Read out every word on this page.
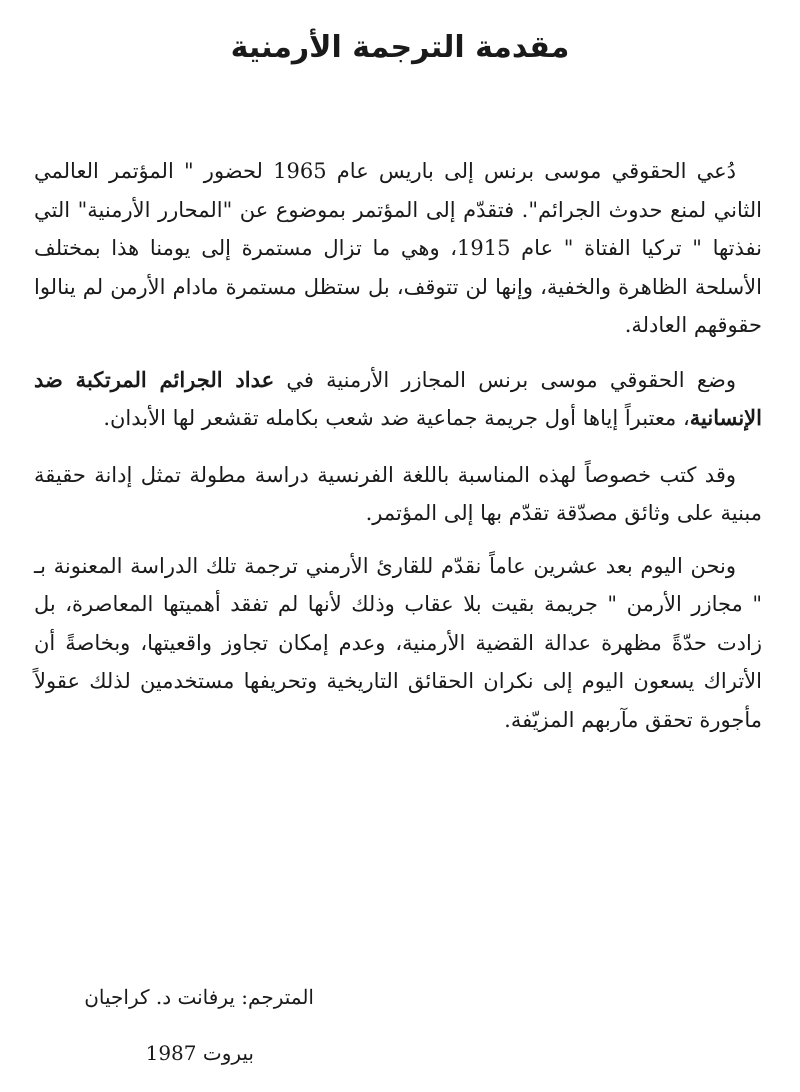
مقدمة الترجمة الأرمنية

دُعي الحقوقي موسى برنس إلى باريس عام 1965 لحضور " المؤتمر العالمي الثاني لمنع حدوث الجرائم". فتقدّم إلى المؤتمر بموضوع عن "المحارر الأرمنية" التي نفذتها " تركيا الفتاة " عام 1915، وهي ما تزال مستمرة إلى يومنا هذا بمختلف الأسلحة الظاهرة والخفية، وإنها لن تتوقف، بل ستظل مستمرة مادام الأرمن لم ينالوا حقوقهم العادلة.

وضع الحقوقي موسى برنس المجازر الأرمنية في عداد الجرائم المرتكبة ضد الإنسانية، معتبراً إياها أول جريمة جماعية ضد شعب بكامله تقشعر لها الأبدان.

وقد كتب خصوصاً لهذه المناسبة باللغة الفرنسية دراسة مطولة تمثل إدانة حقيقة مبنية على وثائق مصدّقة تقدّم بها إلى المؤتمر.

ونحن اليوم بعد عشرين عاماً نقدّم للقارئ الأرمني ترجمة تلك الدراسة المعنونة بـ " مجازر الأرمن " جريمة بقيت بلا عقاب وذلك لأنها لم تفقد أهميتها المعاصرة، بل زادت حدّةً مظهرة عدالة القضية الأرمنية، وعدم إمكان تجاوز واقعيتها، وبخاصةً أن الأتراك يسعون اليوم إلى نكران الحقائق التاريخية وتحريفها مستخدمين لذلك عقولاً مأجورة تحقق مآربهم المزيّفة.

المترجم: يرفانت د. كراجيان
بيروت 1987
